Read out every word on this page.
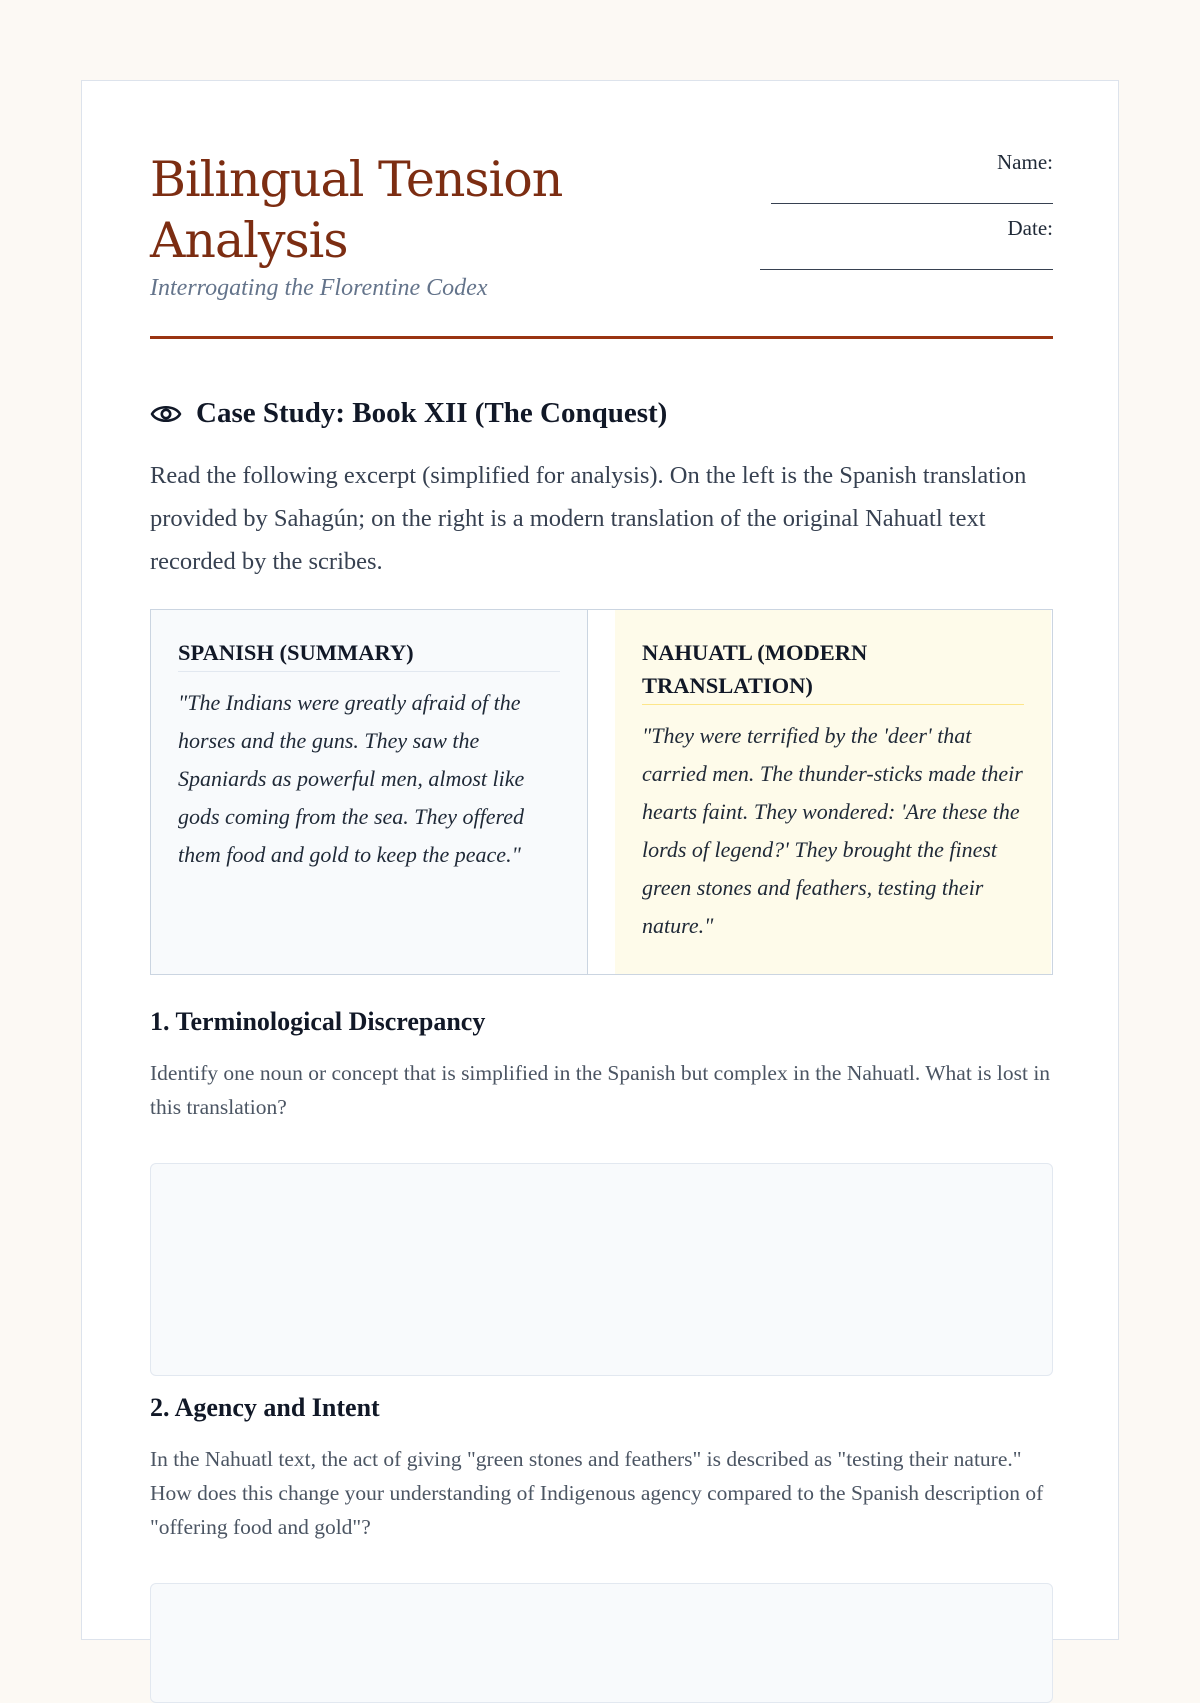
Bilingual Tension Analysis

Interrogating the Florentine Codex

Name:
Date:
Case Study: Book XII (The Conquest)

Read the following excerpt (simplified for analysis). On the left is the Spanish translation provided by Sahagún; on the right is a modern translation of the original Nahuatl text recorded by the scribes.

SPANISH (SUMMARY)

"The Indians were greatly afraid of the horses and the guns. They saw the Spaniards as powerful men, almost like gods coming from the sea. They offered them food and gold to keep the peace."

NAHUATL (MODERN TRANSLATION)

"They were terrified by the 'deer' that carried men. The thunder-sticks made their hearts faint. They wondered: 'Are these the lords of legend?' They brought the finest green stones and feathers, testing their nature."

1. Terminological Discrepancy

Identify one noun or concept that is simplified in the Spanish but complex in the Nahuatl. What is lost in this translation?

2. Agency and Intent

In the Nahuatl text, the act of giving "green stones and feathers" is described as "testing their nature." How does this change your understanding of Indigenous agency compared to the Spanish description of "offering food and gold"?
